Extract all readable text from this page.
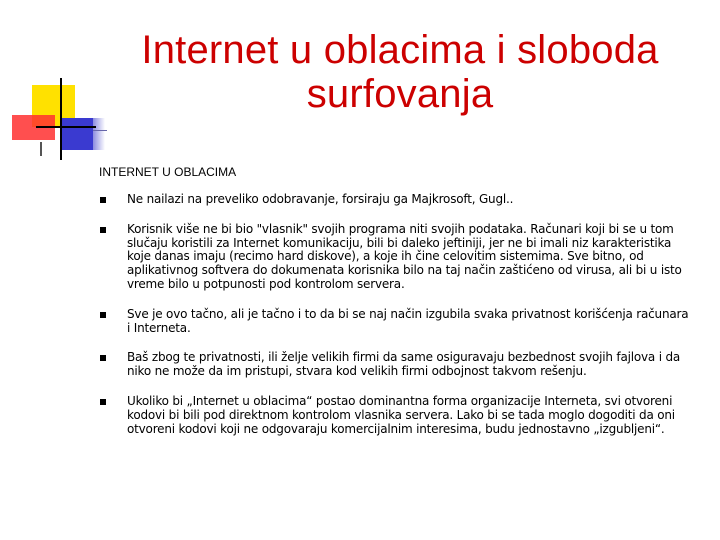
Internet u oblacima i sloboda
surfovanja
INTERNET U OBLACIMA
Ne nailazi na preveliko odobravanje, forsiraju ga Majkrosoft, Gugl..
Korisnik više ne bi bio "vlasnik" svojih programa niti svojih podataka. Računari koji bi se u tom slučaju koristili za Internet komunikaciju, bili bi daleko jeftiniji, jer ne bi imali niz karakteristika koje danas imaju (recimo hard diskove), a koje ih čine celovitim sistemima. Sve bitno, od aplikativnog softvera do dokumenata korisnika bilo na taj način zaštićeno od virusa, ali bi u isto vreme bilo u potpunosti pod kontrolom servera.
Sve je ovo tačno, ali je tačno i to da bi se naj način izgubila svaka privatnost korišćenja računara i Interneta.
Baš zbog te privatnosti, ili želje velikih firmi da same osiguravaju bezbednost svojih fajlova i da niko ne može da im pristupi, stvara kod velikih firmi odbojnost takvom rešenju.
Ukoliko bi „Internet u oblacima“ postao dominantna forma organizacije Interneta, svi otvoreni kodovi bi bili pod direktnom kontrolom vlasnika servera. Lako bi se tada moglo dogoditi da oni otvoreni kodovi koji ne odgovaraju komercijalnim interesima, budu jednostavno „izgubljeni“.
